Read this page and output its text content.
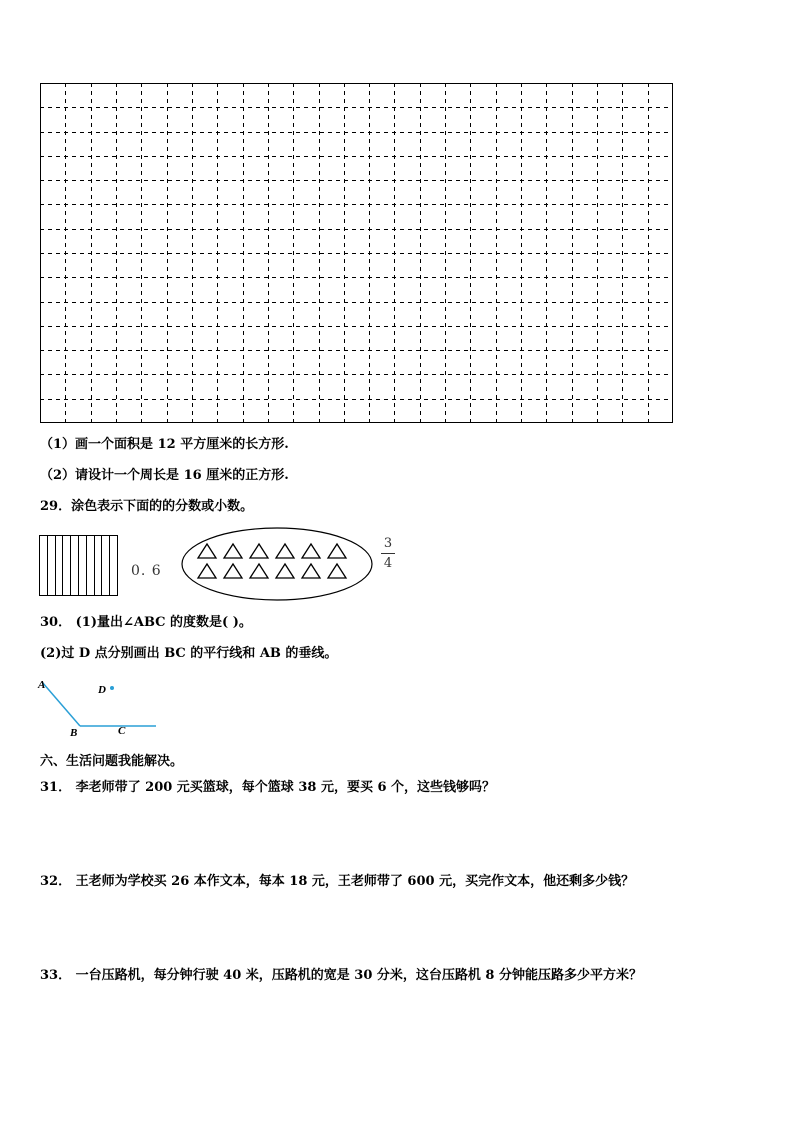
（1）画一个面积是 12 平方厘米的长方形.
（2）请设计一个周长是 16 厘米的正方形.
29．涂色表示下面的的分数或小数。
0. 6
3
4
30． (1)量出∠ABC 的度数是( )。
(2)过 D 点分别画出 BC 的平行线和 AB 的垂线。
A
B	C
D
六、生活问题我能解决。
31． 李老师带了 200 元买篮球，每个篮球 38 元，要买 6 个，这些钱够吗？
32． 王老师为学校买 26 本作文本，每本 18 元，王老师带了 600 元，买完作文本，他还剩多少钱？
33． 一台压路机，每分钟行驶 40 米，压路机的宽是 30 分米，这台压路机 8 分钟能压路多少平方米？
